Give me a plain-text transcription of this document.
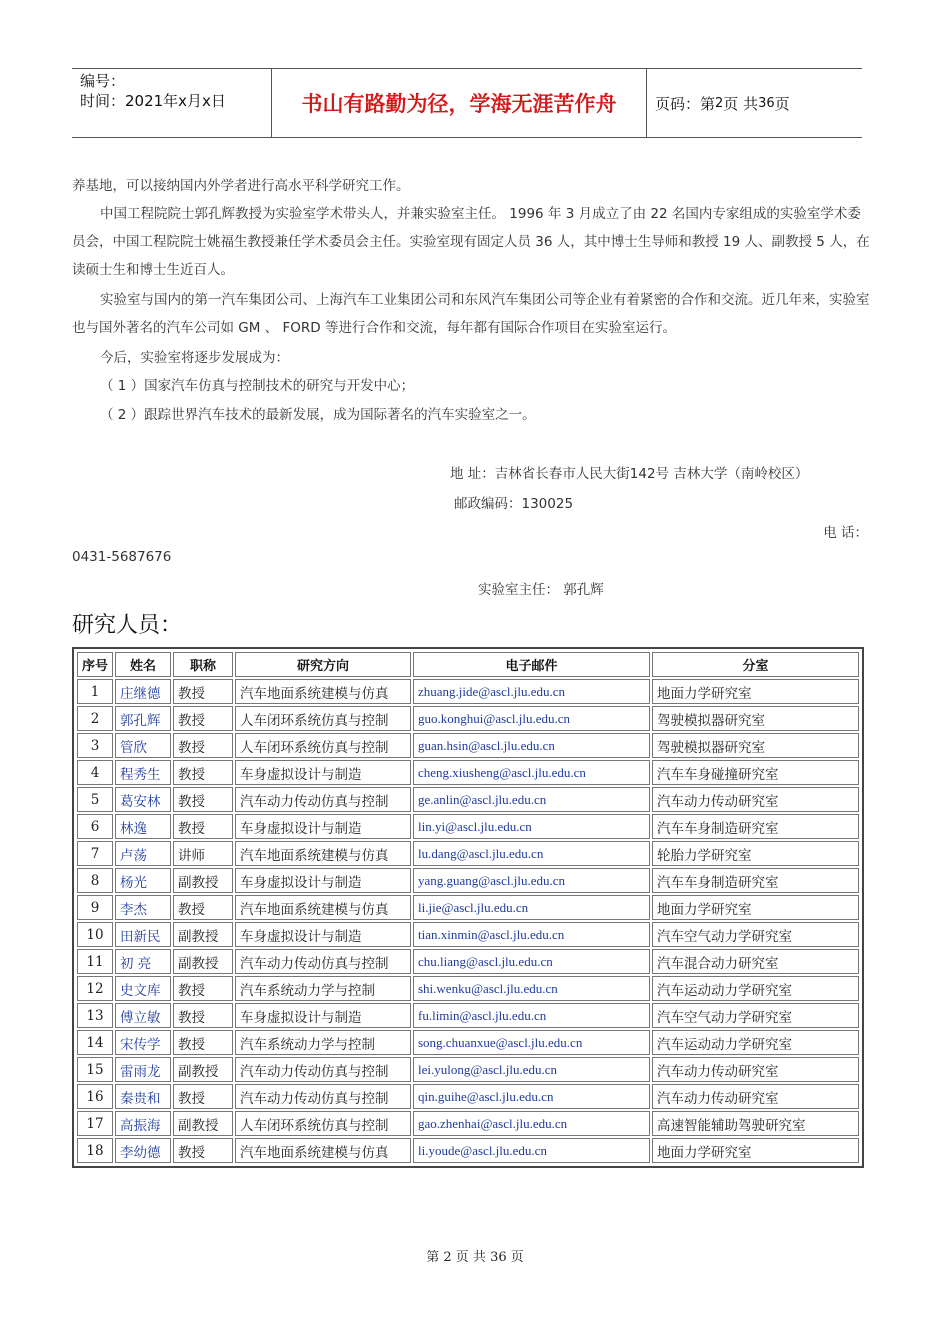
编号：
时间：2021年x月x日	书山有路勤为径，学海无涯苦作舟	页码：第 2 页 共 36 页

养基地，可以接纳国内外学者进行高水平科学研究工作。

中国工程院院士郭孔辉教授为实验室学术带头人，并兼实验室主任。 1996 年 3 月成立了由 22 名国内专家组成的实验室学术委员会，中国工程院院士姚福生教授兼任学术委员会主任。实验室现有固定人员 36 人，其中博士生导师和教授 19 人、副教授 5 人，在读硕士生和博士生近百人。

实验室与国内的第一汽车集团公司、上海汽车工业集团公司和东风汽车集团公司等企业有着紧密的合作和交流。近几年来，实验室也与国外著名的汽车公司如 GM 、 FORD 等进行合作和交流，每年都有国际合作项目在实验室运行。

今后，实验室将逐步发展成为：

（ 1 ）国家汽车仿真与控制技术的研究与开发中心；

（ 2 ）跟踪世界汽车技术的最新发展，成为国际著名的汽车实验室之一。

地 址：吉林省长春市人民大街142号 吉林大学（南岭校区）
邮政编码：130025
电 话：
0431-5687676
实验室主任： 郭孔辉
研究人员：
序号	姓名	职称	研究方向	电子邮件	分室
1	庄继德	教授	汽车地面系统建模与仿真	zhuang.jide@ascl.jlu.edu.cn	地面力学研究室
2	郭孔辉	教授	人车闭环系统仿真与控制	guo.konghui@ascl.jlu.edu.cn	驾驶模拟器研究室
3	管欣	教授	人车闭环系统仿真与控制	guan.hsin@ascl.jlu.edu.cn	驾驶模拟器研究室
4	程秀生	教授	车身虚拟设计与制造	cheng.xiusheng@ascl.jlu.edu.cn	汽车车身碰撞研究室
5	葛安林	教授	汽车动力传动仿真与控制	ge.anlin@ascl.jlu.edu.cn	汽车动力传动研究室
6	林逸	教授	车身虚拟设计与制造	lin.yi@ascl.jlu.edu.cn	汽车车身制造研究室
7	卢荡	讲师	汽车地面系统建模与仿真	lu.dang@ascl.jlu.edu.cn	轮胎力学研究室
8	杨光	副教授	车身虚拟设计与制造	yang.guang@ascl.jlu.edu.cn	汽车车身制造研究室
9	李杰	教授	汽车地面系统建模与仿真	li.jie@ascl.jlu.edu.cn	地面力学研究室
10	田新民	副教授	车身虚拟设计与制造	tian.xinmin@ascl.jlu.edu.cn	汽车空气动力学研究室
11	初 亮	副教授	汽车动力传动仿真与控制	chu.liang@ascl.jlu.edu.cn	汽车混合动力研究室
12	史文库	教授	汽车系统动力学与控制	shi.wenku@ascl.jlu.edu.cn	汽车运动动力学研究室
13	傅立敏	教授	车身虚拟设计与制造	fu.limin@ascl.jlu.edu.cn	汽车空气动力学研究室
14	宋传学	教授	汽车系统动力学与控制	song.chuanxue@ascl.jlu.edu.cn	汽车运动动力学研究室
15	雷雨龙	副教授	汽车动力传动仿真与控制	lei.yulong@ascl.jlu.edu.cn	汽车动力传动研究室
16	秦贵和	教授	汽车动力传动仿真与控制	qin.guihe@ascl.jlu.edu.cn	汽车动力传动研究室
17	高振海	副教授	人车闭环系统仿真与控制	gao.zhenhai@ascl.jlu.edu.cn	高速智能辅助驾驶研究室
18	李幼德	教授	汽车地面系统建模与仿真	li.youde@ascl.jlu.edu.cn	地面力学研究室
第 2 页 共 36 页
